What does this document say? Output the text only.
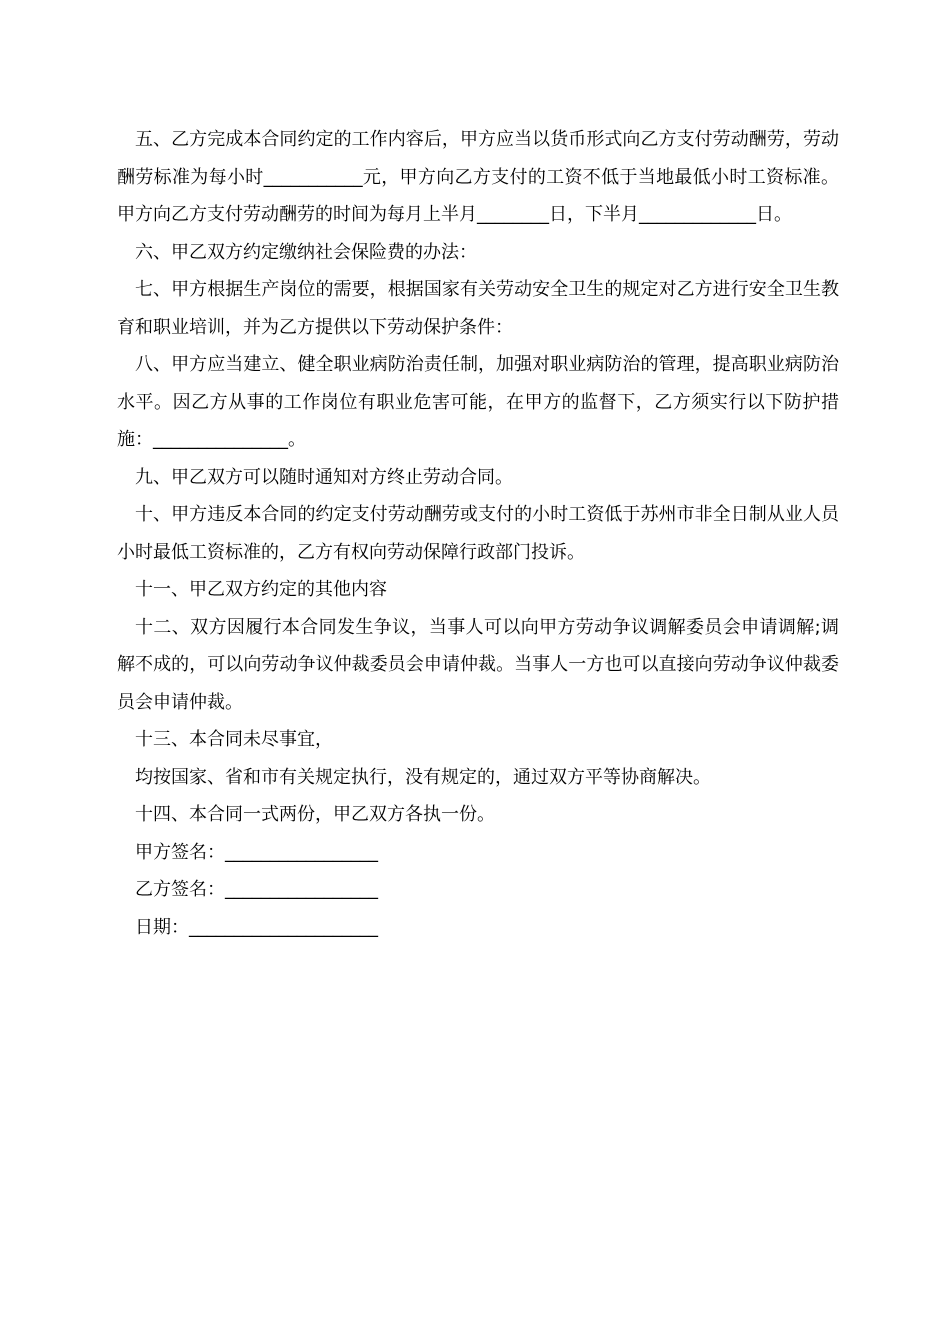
五、乙方完成本合同约定的工作内容后，甲方应当以货币形式向乙方支付劳动酬劳，劳动酬劳标准为每小时___________元，甲方向乙方支付的工资不低于当地最低小时工资标准。甲方向乙方支付劳动酬劳的时间为每月上半月________日，下半月_____________日。

六、甲乙双方约定缴纳社会保险费的办法：

七、甲方根据生产岗位的需要，根据国家有关劳动安全卫生的规定对乙方进行安全卫生教育和职业培训，并为乙方提供以下劳动保护条件：

八、甲方应当建立、健全职业病防治责任制，加强对职业病防治的管理，提高职业病防治水平。因乙方从事的工作岗位有职业危害可能，在甲方的监督下，乙方须实行以下防护措施：_______________。

九、甲乙双方可以随时通知对方终止劳动合同。

十、甲方违反本合同的约定支付劳动酬劳或支付的小时工资低于苏州市非全日制从业人员小时最低工资标准的，乙方有权向劳动保障行政部门投诉。

十一、甲乙双方约定的其他内容

十二、双方因履行本合同发生争议，当事人可以向甲方劳动争议调解委员会申请调解;调解不成的，可以向劳动争议仲裁委员会申请仲裁。当事人一方也可以直接向劳动争议仲裁委员会申请仲裁。

十三、本合同未尽事宜，

均按国家、省和市有关规定执行，没有规定的，通过双方平等协商解决。

十四、本合同一式两份，甲乙双方各执一份。

甲方签名：_________________

乙方签名：_________________

日期：_____________________
